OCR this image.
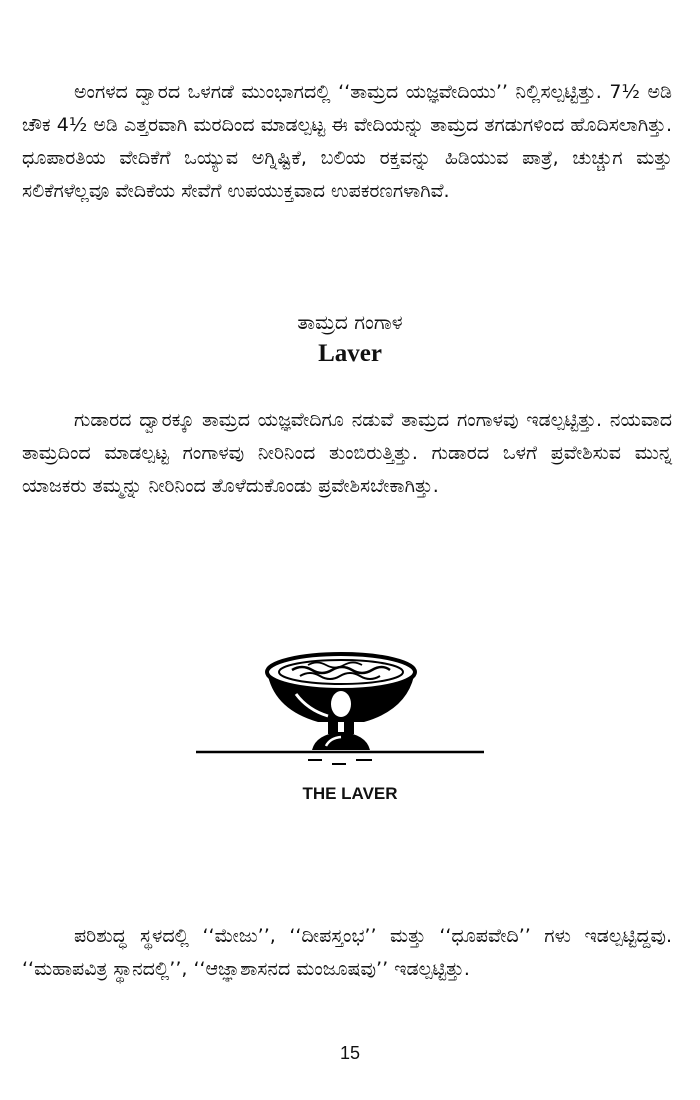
ಅಂಗಳದ ದ್ವಾರದ ಒಳಗಡೆ ಮುಂಭಾಗದಲ್ಲಿ ‘‘ತಾಮ್ರದ ಯಜ್ಞವೇದಿಯು’’ ನಿಲ್ಲಿಸಲ್ಪಟ್ಟಿತ್ತು. 7½ ಅಡಿ ಚೌಕ 4½ ಅಡಿ ಎತ್ತರವಾಗಿ ಮರದಿಂದ ಮಾಡಲ್ಪಟ್ಟ ಈ ವೇದಿಯನ್ನು ತಾಮ್ರದ ತಗಡುಗಳಿಂದ ಹೊದಿಸಲಾಗಿತ್ತು. ಧೂಪಾರತಿಯ ವೇದಿಕೆಗೆ ಒಯ್ಯುವ ಅಗ್ನಿಷ್ಟಿಕೆ, ಬಲಿಯ ರಕ್ತವನ್ನು ಹಿಡಿಯುವ ಪಾತ್ರೆ, ಚುಚ್ಚುಗ ಮತ್ತು ಸಲಿಕೆಗಳೆಲ್ಲವೂ ವೇದಿಕೆಯ ಸೇವೆಗೆ ಉಪಯುಕ್ತವಾದ ಉಪಕರಣಗಳಾಗಿವೆ.

ತಾಮ್ರದ ಗಂಗಾಳ
Laver

ಗುಡಾರದ ದ್ವಾರಕ್ಕೂ ತಾಮ್ರದ ಯಜ್ಞವೇದಿಗೂ ನಡುವೆ ತಾಮ್ರದ ಗಂಗಾಳವು ಇಡಲ್ಪಟ್ಟಿತ್ತು. ನಯವಾದ ತಾಮ್ರದಿಂದ ಮಾಡಲ್ಪಟ್ಟ ಗಂಗಾಳವು ನೀರಿನಿಂದ ತುಂಬಿರುತ್ತಿತ್ತು. ಗುಡಾರದ ಒಳಗೆ ಪ್ರವೇಶಿಸುವ ಮುನ್ನ ಯಾಜಕರು ತಮ್ಮನ್ನು ನೀರಿನಿಂದ ತೊಳೆದುಕೊಂಡು ಪ್ರವೇಶಿಸಬೇಕಾಗಿತ್ತು.

THE LAVER

ಪರಿಶುದ್ಧ ಸ್ಥಳದಲ್ಲಿ ‘‘ಮೇಜು’’, ‘‘ದೀಪಸ್ತಂಭ’’ ಮತ್ತು ‘‘ಧೂಪವೇದಿ’’ ಗಳು ಇಡಲ್ಪಟ್ಟಿದ್ದವು. ‘‘ಮಹಾಪವಿತ್ರ ಸ್ಥಾನದಲ್ಲಿ’’, ‘‘ಆಜ್ಞಾಶಾಸನದ ಮಂಜೂಷವು’’ ಇಡಲ್ಪಟ್ಟಿತ್ತು.

15
